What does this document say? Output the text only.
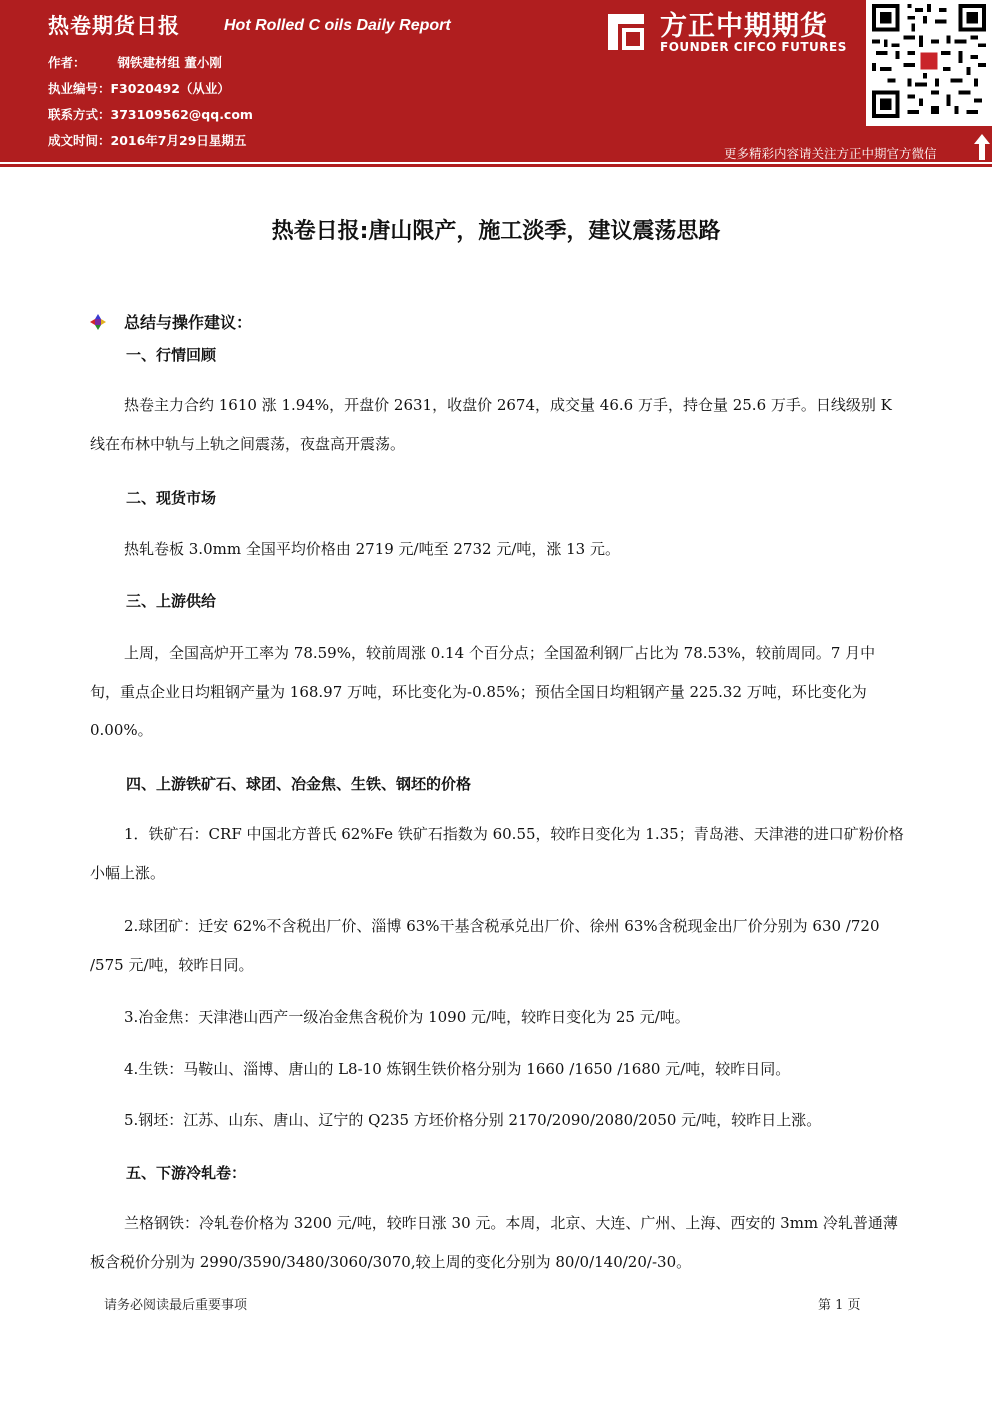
热卷期货日报	Hot Rolled C oils Daily Report
作者：	钢铁建材组 董小刚
执业编号：F3020492（从业）
联系方式：373109562@qq.com
成文时间：2016年7月29日星期五
方正中期期货
FOUNDER CIFCO FUTURES
更多精彩内容请关注方正中期官方微信
热卷日报:唐山限产，施工淡季，建议震荡思路
总结与操作建议：
一、行情回顾
热卷主力合约 1610 涨 1.94%，开盘价 2631，收盘价 2674，成交量 46.6 万手，持仓量 25.6 万手。日线级别 K 线在布林中轨与上轨之间震荡，夜盘高开震荡。
二、现货市场
热轧卷板 3.0mm 全国平均价格由 2719 元/吨至 2732 元/吨，涨 13 元。
三、上游供给
上周，全国高炉开工率为 78.59%，较前周涨 0.14 个百分点；全国盈利钢厂占比为 78.53%，较前周同。7 月中旬，重点企业日均粗钢产量为 168.97 万吨，环比变化为-0.85%；预估全国日均粗钢产量 225.32 万吨，环比变化为 0.00%。
四、上游铁矿石、球团、冶金焦、生铁、钢坯的价格
1．铁矿石：CRF 中国北方普氏 62%Fe 铁矿石指数为 60.55，较昨日变化为 1.35；青岛港、天津港的进口矿粉价格小幅上涨。
2.球团矿：迁安 62%不含税出厂价、淄博 63%干基含税承兑出厂价、徐州 63%含税现金出厂价分别为 630 /720 /575 元/吨，较昨日同。
3.冶金焦：天津港山西产一级冶金焦含税价为 1090 元/吨，较昨日变化为 25 元/吨。
4.生铁：马鞍山、淄博、唐山的 L8-10 炼钢生铁价格分别为 1660 /1650 /1680 元/吨，较昨日同。
5.钢坯：江苏、山东、唐山、辽宁的 Q235 方坯价格分别 2170/2090/2080/2050 元/吨，较昨日上涨。
五、下游冷轧卷：
兰格钢铁：冷轧卷价格为 3200 元/吨，较昨日涨 30 元。本周，北京、大连、广州、上海、西安的 3mm 冷轧普通薄板含税价分别为 2990/3590/3480/3060/3070,较上周的变化分别为 80/0/140/20/-30。
请务必阅读最后重要事项	第 1 页
